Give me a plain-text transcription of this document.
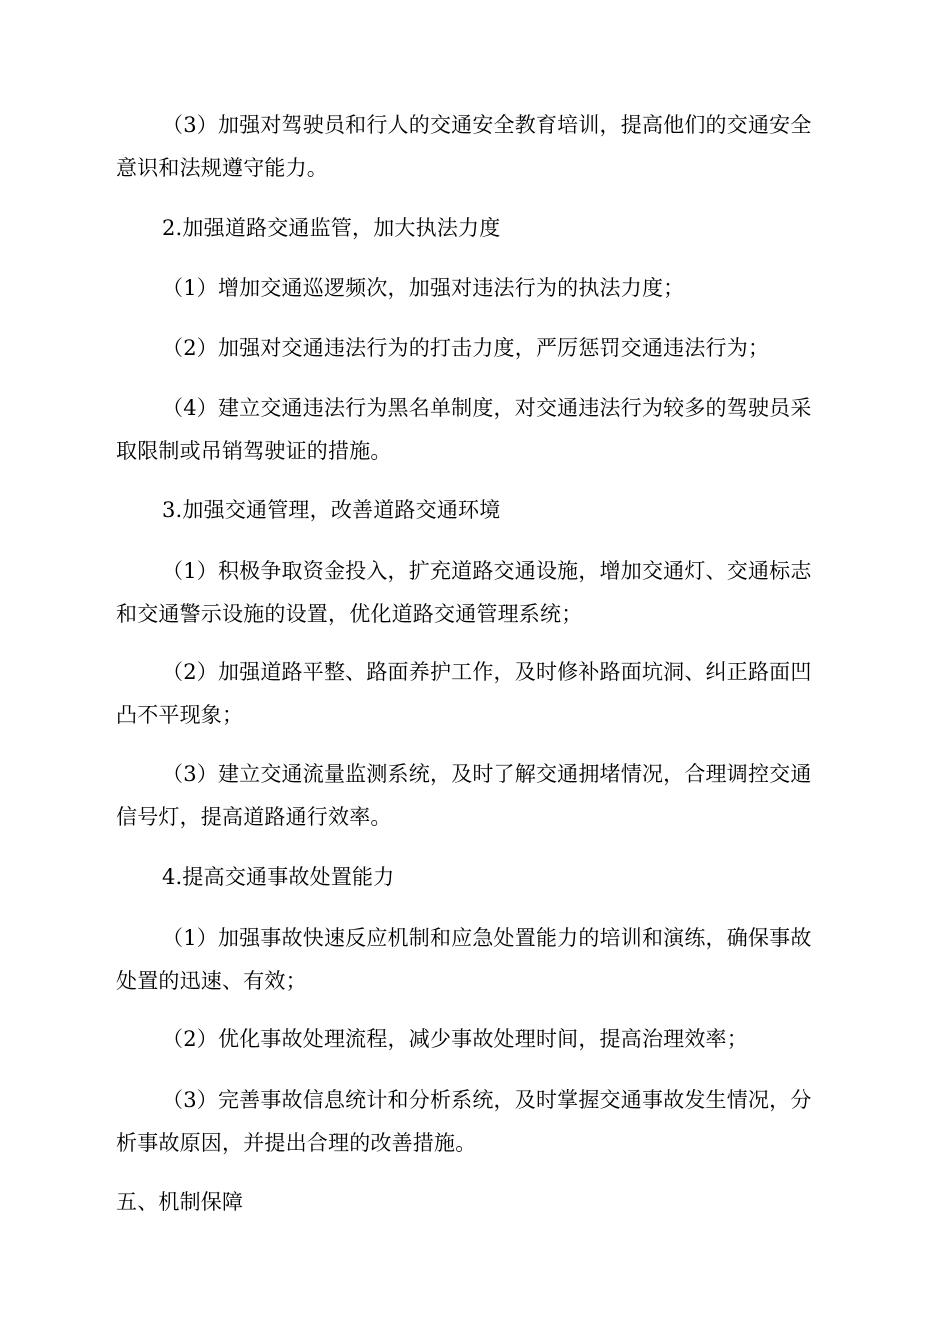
（3）加强对驾驶员和行人的交通安全教育培训，提高他们的交通安全意识和法规遵守能力。

2.加强道路交通监管，加大执法力度

（1）增加交通巡逻频次，加强对违法行为的执法力度；

（2）加强对交通违法行为的打击力度，严厉惩罚交通违法行为；

（4）建立交通违法行为黑名单制度，对交通违法行为较多的驾驶员采取限制或吊销驾驶证的措施。

3.加强交通管理，改善道路交通环境

（1）积极争取资金投入，扩充道路交通设施，增加交通灯、交通标志和交通警示设施的设置，优化道路交通管理系统；

（2）加强道路平整、路面养护工作，及时修补路面坑洞、纠正路面凹凸不平现象；

（3）建立交通流量监测系统，及时了解交通拥堵情况，合理调控交通信号灯，提高道路通行效率。

4.提高交通事故处置能力

（1）加强事故快速反应机制和应急处置能力的培训和演练，确保事故处置的迅速、有效；

（2）优化事故处理流程，减少事故处理时间，提高治理效率；

（3）完善事故信息统计和分析系统，及时掌握交通事故发生情况，分析事故原因，并提出合理的改善措施。

五、机制保障
